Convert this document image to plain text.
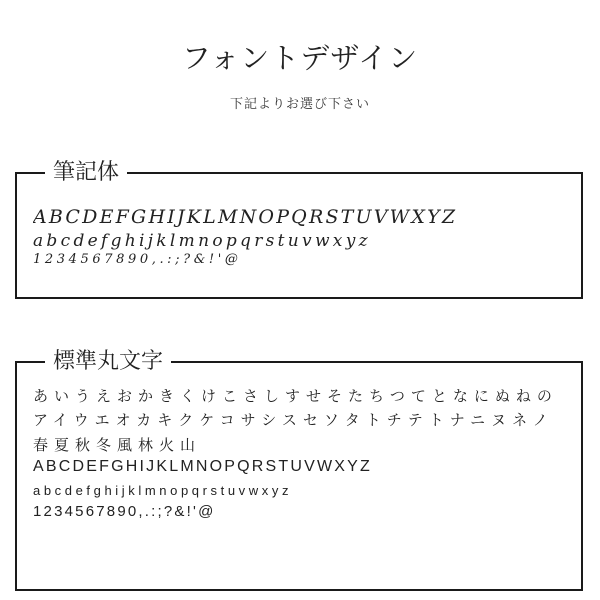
フォントデザイン
下記よりお選び下さい
筆記体
ABCDEFGHIJKLMNOPQRSTUVWXYZ
abcdefghijklmnopqrstuvwxyz
1234567890,.:;?&!'@
標準丸文字
あいうえおかきくけこさしすせそたちつてとなにぬねの
アイウエオカキクケコサシスセソタトチテトナニヌネノ
春夏秋冬風林火山
ABCDEFGHIJKLMNOPQRSTUVWXYZ
abcdefghijklmnopqrstuvwxyz
1234567890,.:;?&!'@
